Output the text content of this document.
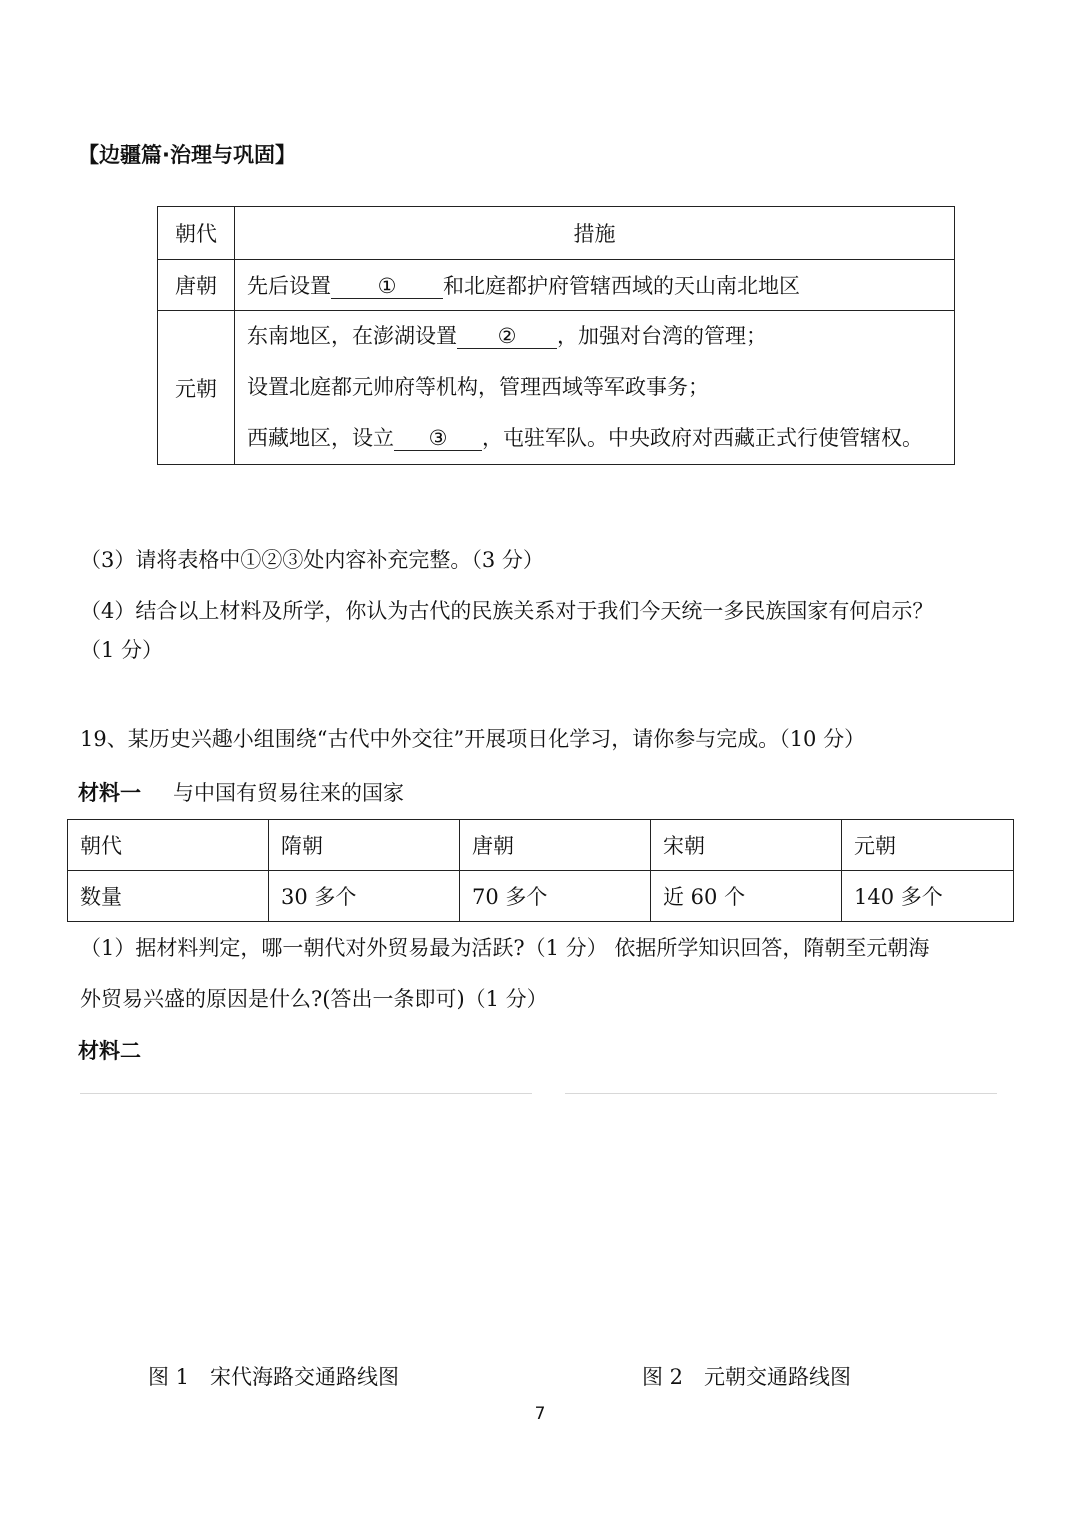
【边疆篇·治理与巩固】
朝代	措施
唐朝	先后设置 ① 和北庭都护府管辖西域的天山南北地区
元朝	东南地区，在澎湖设置 ② ，加强对台湾的管理；
设置北庭都元帅府等机构，管理西域等军政事务；
西藏地区，设立 ③ ，屯驻军队。中央政府对西藏正式行使管辖权。
（3）请将表格中①②③处内容补充完整。（3 分）
（4）结合以上材料及所学，你认为古代的民族关系对于我们今天统一多民族国家有何启示？
（1 分）
19、某历史兴趣小组围绕“古代中外交往”开展项日化学习，请你参与完成。（10 分）
材料一 与中国有贸易往来的国家
朝代	隋朝	唐朝	宋朝	元朝
数量	30 多个	70 多个	近 60 个	140 多个
（1）据材料判定，哪一朝代对外贸易最为活跃?（1 分） 依据所学知识回答，隋朝至元朝海
外贸易兴盛的原因是什么?(答出一条即可)（1 分）
材料二
图 1　宋代海路交通路线图	图 2　元朝交通路线图
7
